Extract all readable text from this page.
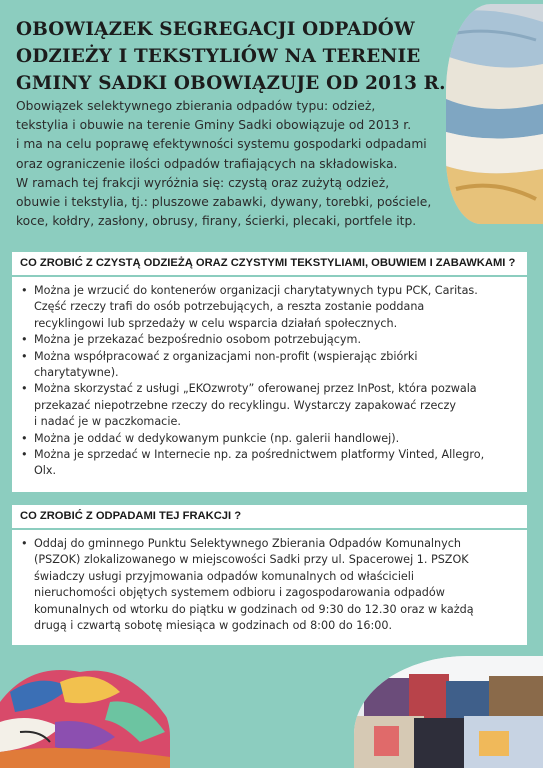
OBOWIĄZEK SEGREGACJI ODPADÓW
ODZIEŻY I TEKSTYLIÓW NA TERENIE
GMINY SADKI OBOWIĄZUJE OD 2013 R.
Obowiązek selektywnego zbierania odpadów typu: odzież,
tekstylia i obuwie na terenie Gminy Sadki obowiązuje od 2013 r.
i ma na celu poprawę efektywności systemu gospodarki odpadami
oraz ograniczenie ilości odpadów trafiających na składowiska.
W ramach tej frakcji wyróżnia się: czystą oraz zużytą odzież,
obuwie i tekstylia, tj.: pluszowe zabawki, dywany, torebki, pościele,
koce, kołdry, zasłony, obrusy, firany, ścierki, plecaki, portfele itp.
CO ZROBIĆ Z CZYSTĄ ODZIEŻĄ ORAZ CZYSTYMI TEKSTYLIAMI, OBUWIEM I ZABAWKAMI ?
• Można je wrzucić do kontenerów organizacji charytatywnych typu PCK, Caritas.
Część rzeczy trafi do osób potrzebujących, a reszta zostanie poddana
recyklingowi lub sprzedaży w celu wsparcia działań społecznych.
• Można je przekazać bezpośrednio osobom potrzebującym.
• Można współpracować z organizacjami non-profit (wspierając zbiórki
charytatywne).
• Można skorzystać z usługi „EKOzwroty” oferowanej przez InPost, która pozwala
przekazać niepotrzebne rzeczy do recyklingu. Wystarczy zapakować rzeczy
i nadać je w paczkomacie.
• Można je oddać w dedykowanym punkcie (np. galerii handlowej).
• Można je sprzedać w Internecie np. za pośrednictwem platformy Vinted, Allegro,
Olx.
CO ZROBIĆ Z ODPADAMI TEJ FRAKCJI ?
• Oddaj do gminnego Punktu Selektywnego Zbierania Odpadów Komunalnych
(PSZOK) zlokalizowanego w miejscowości Sadki przy ul. Spacerowej 1. PSZOK
świadczy usługi przyjmowania odpadów komunalnych od właścicieli
nieruchomości objętych systemem odbioru i zagospodarowania odpadów
komunalnych od wtorku do piątku w godzinach od 9:30 do 12.30 oraz w każdą
drugą i czwartą sobotę miesiąca w godzinach od 8:00 do 16:00.
